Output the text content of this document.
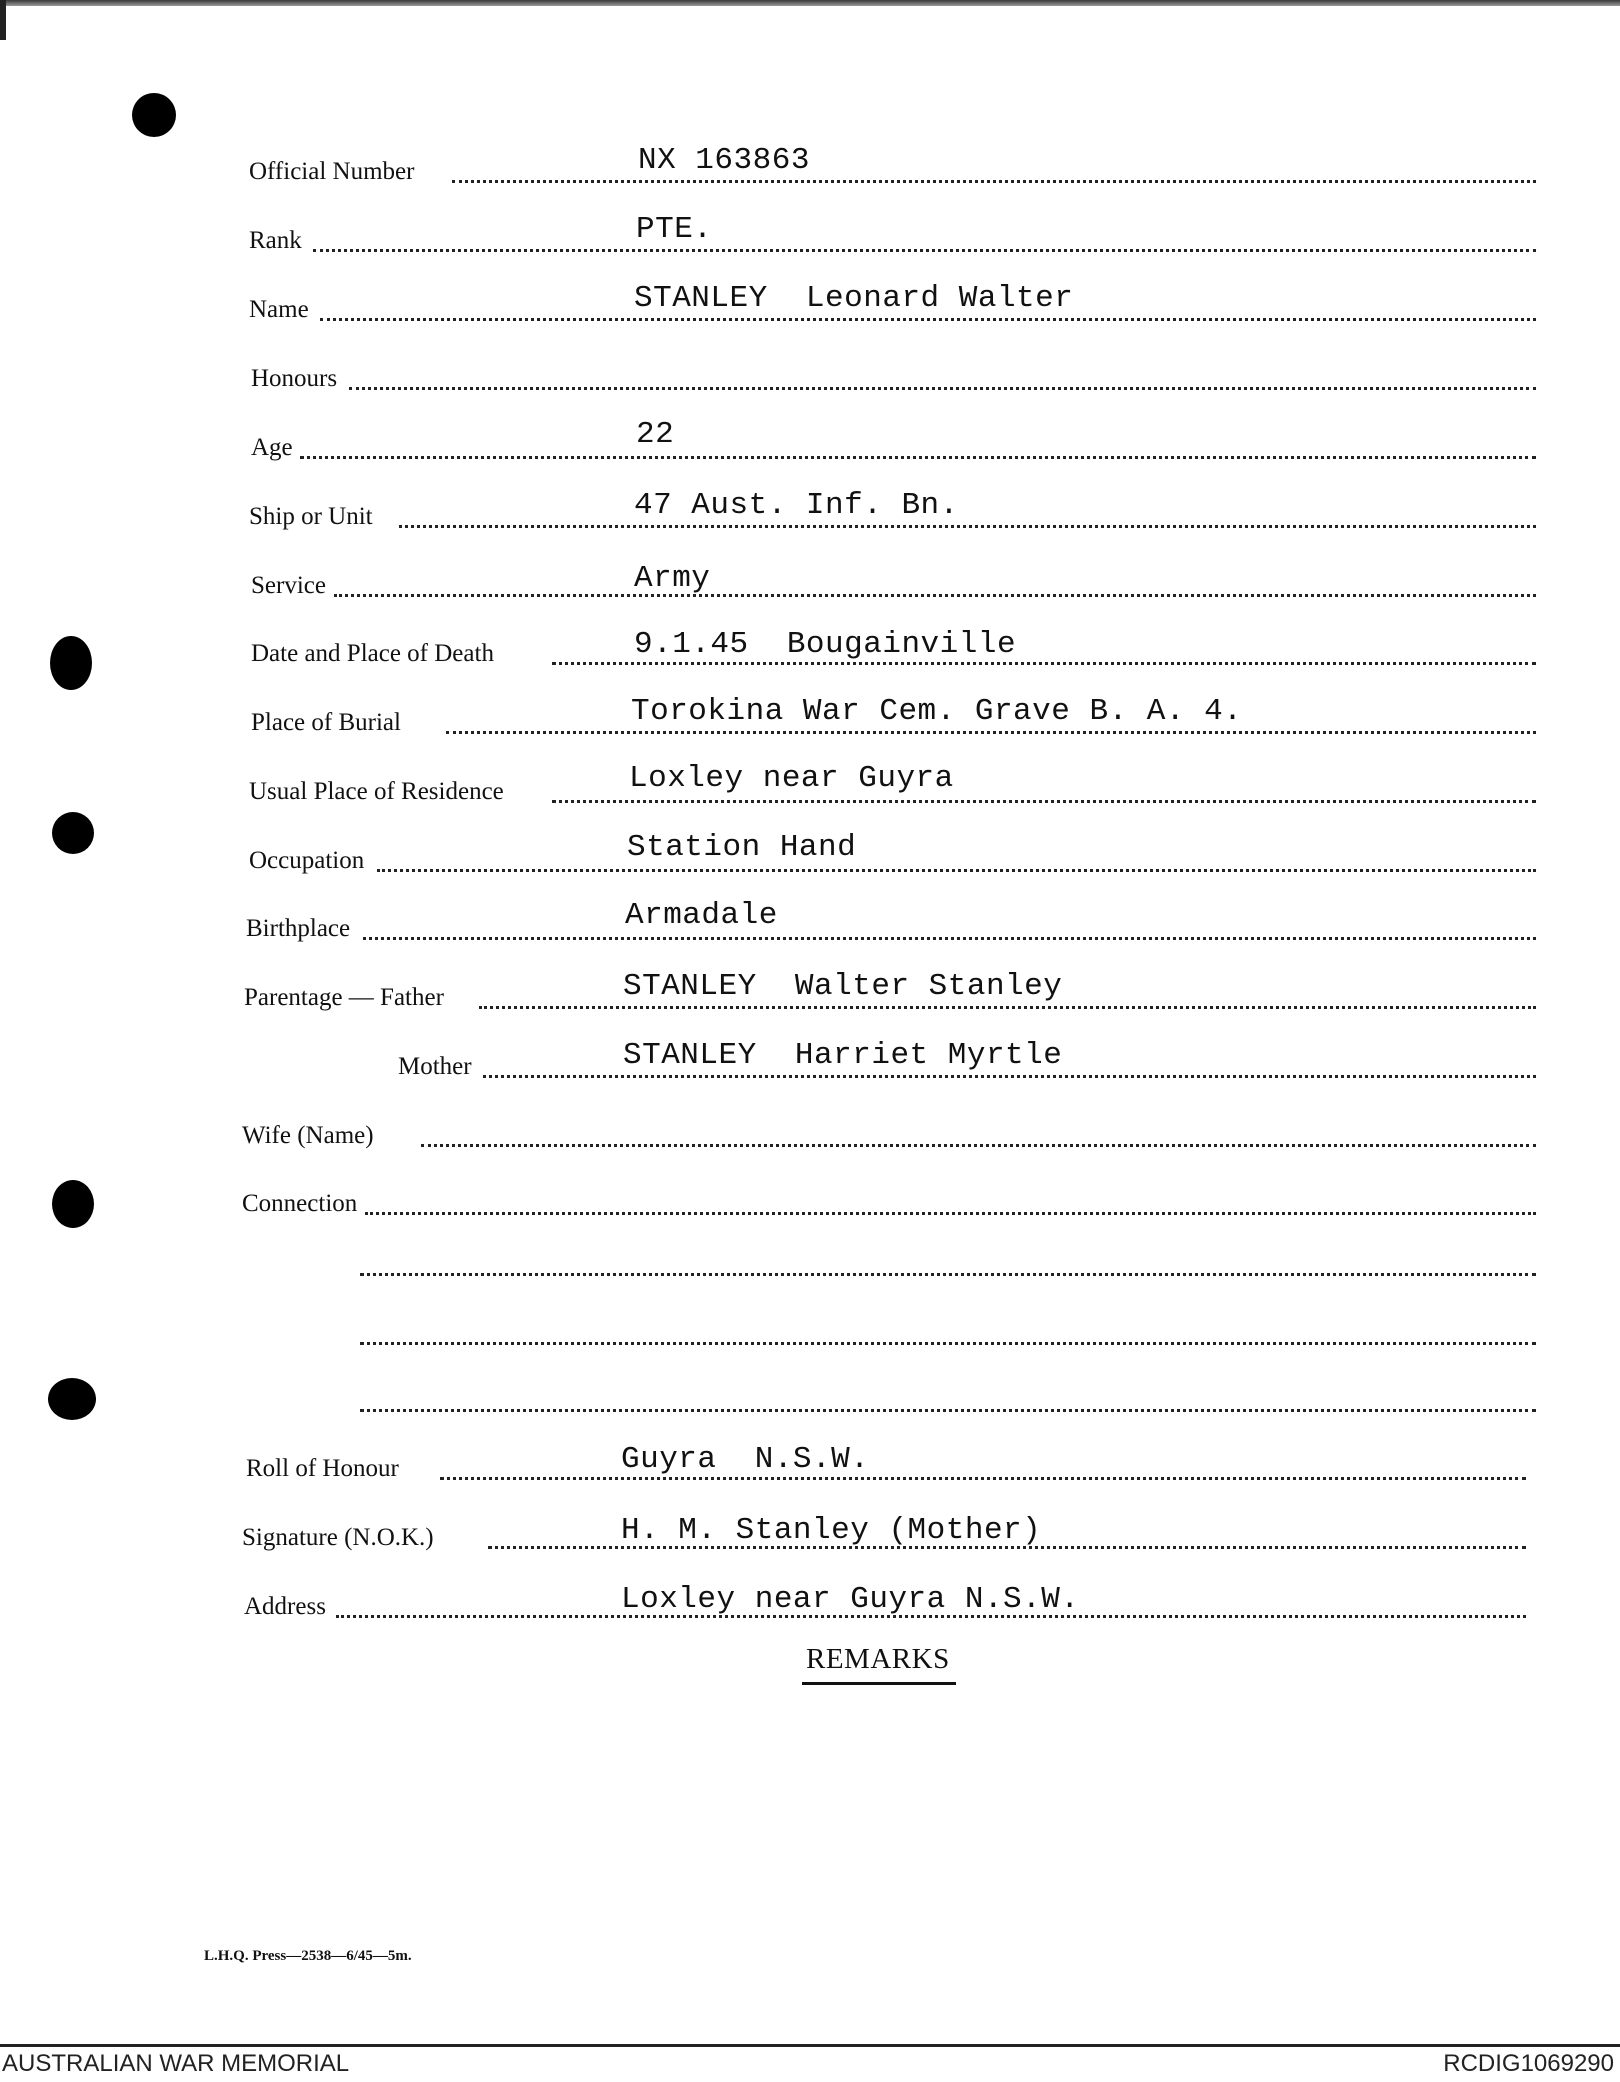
Official Number	NX 163863
Rank	PTE.
Name	STANLEY  Leonard Walter
Honours
Age	22
Ship or Unit	47 Aust. Inf. Bn.
Service	Army
Date and Place of Death	9.1.45  Bougainville
Place of Burial	Torokina War Cem. Grave B. A. 4.
Usual Place of Residence	Loxley near Guyra
Occupation	Station Hand
Birthplace	Armadale
Parentage — Father	STANLEY  Walter Stanley
Mother	STANLEY  Harriet Myrtle
Wife (Name)
Connection
Roll of Honour	Guyra  N.S.W.
Signature (N.O.K.)	H. M. Stanley (Mother)
Address	Loxley near Guyra N.S.W.
REMARKS
L.H.Q. Press—2538—6/45—5m.
AUSTRALIAN WAR MEMORIAL	RCDIG1069290
